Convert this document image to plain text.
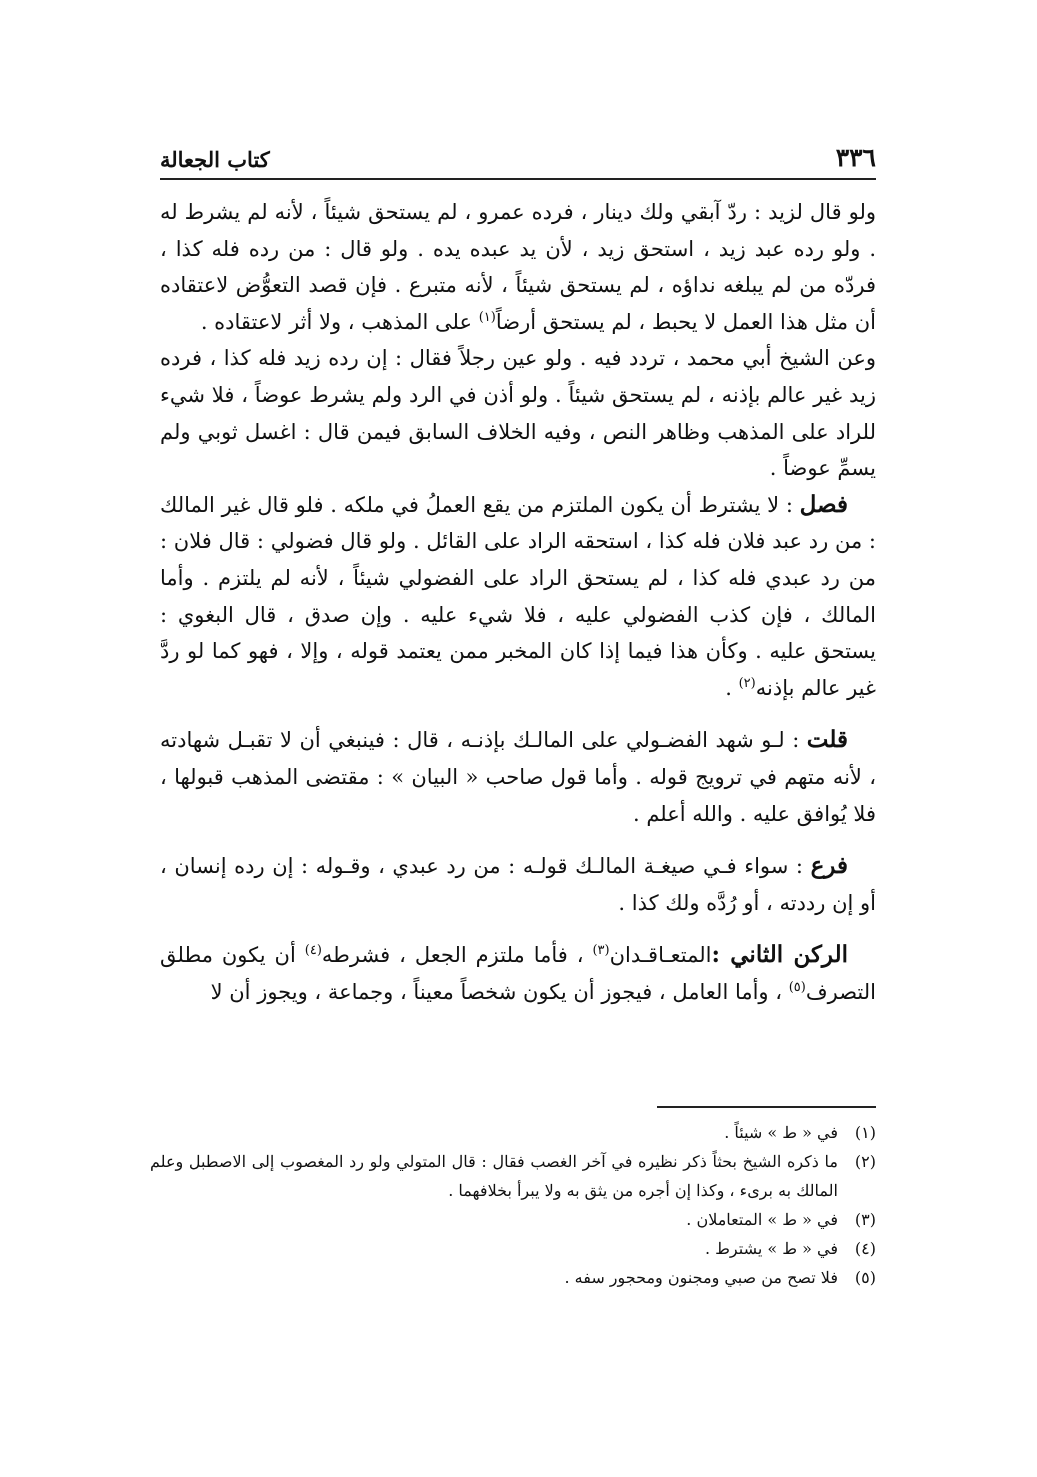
٣٣٦
كتاب الجعالة

ولو قال لزيد : ردّ آبقي ولك دينار ، فرده عمرو ، لم يستحق شيئاً ، لأنه لم يشرط له . ولو رده عبد زيد ، استحق زيد ، لأن يد عبده يده . ولو قال : من رده فله كذا ، فردّه من لم يبلغه نداؤه ، لم يستحق شيئاً ، لأنه متبرع . فإن قصد التعوُّض لاعتقاده أن مثل هذا العمل لا يحبط ، لم يستحق أرضاً$^{(١)}$ على المذهب ، ولا أثر لاعتقاده .

وعن الشيخ أبي محمد ، تردد فيه . ولو عين رجلاً فقال : إن رده زيد فله كذا ، فرده زيد غير عالم بإذنه ، لم يستحق شيئاً . ولو أذن في الرد ولم يشرط عوضاً ، فلا شيء للراد على المذهب وظاهر النص ، وفيه الخلاف السابق فيمن قال : اغسل ثوبي ولم يسمِّ عوضاً .

فصل : لا يشترط أن يكون الملتزم من يقع العملُ في ملكه . فلو قال غير المالك : من رد عبد فلان فله كذا ، استحقه الراد على القائل . ولو قال فضولي : قال فلان : من رد عبدي فله كذا ، لم يستحق الراد على الفضولي شيئاً ، لأنه لم يلتزم . وأما المالك ، فإن كذب الفضولي عليه ، فلا شيء عليه . وإن صدق ، قال البغوي : يستحق عليه . وكأن هذا فيما إذا كان المخبر ممن يعتمد قوله ، وإلا ، فهو كما لو ردَّ غير عالم بإذنه$^{(٢)}$ .

قلت : لـو شهد الفضـولي على المالـك بإذنـه ، قال : فينبغي أن لا تقبـل شهادته ، لأنه متهم في ترويج قوله . وأما قول صاحب « البيان » : مقتضى المذهب قبولها ، فلا يُوافق عليه . والله أعلم .

فرع : سواء فـي صيغـة المالـك قولـه : من رد عبدي ، وقـوله : إن رده إنسان ، أو إن رددته ، أو رُدَّه ولك كذا .

الركن الثاني :المتعـاقـدان$^{(٣)}$ ، فأما ملتزم الجعل ، فشرطه$^{(٤)}$ أن يكون مطلق التصرف$^{(٥)}$ ، وأما العامل ، فيجوز أن يكون شخصاً معيناً ، وجماعة ، ويجوز أن لا

(١)
في « ط » شيئاً .
(٢)
ما ذكره الشيخ بحثاً ذكر نظيره في آخر الغصب فقال : قال المتولي ولو رد المغصوب إلى الاصطبل وعلم المالك به برىء ، وكذا إن أجره من يثق به ولا يبرأ بخلافهما .
(٣)
في « ط » المتعاملان .
(٤)
في « ط » يشترط .
(٥)
فلا تصح من صبي ومجنون ومحجور سفه .
